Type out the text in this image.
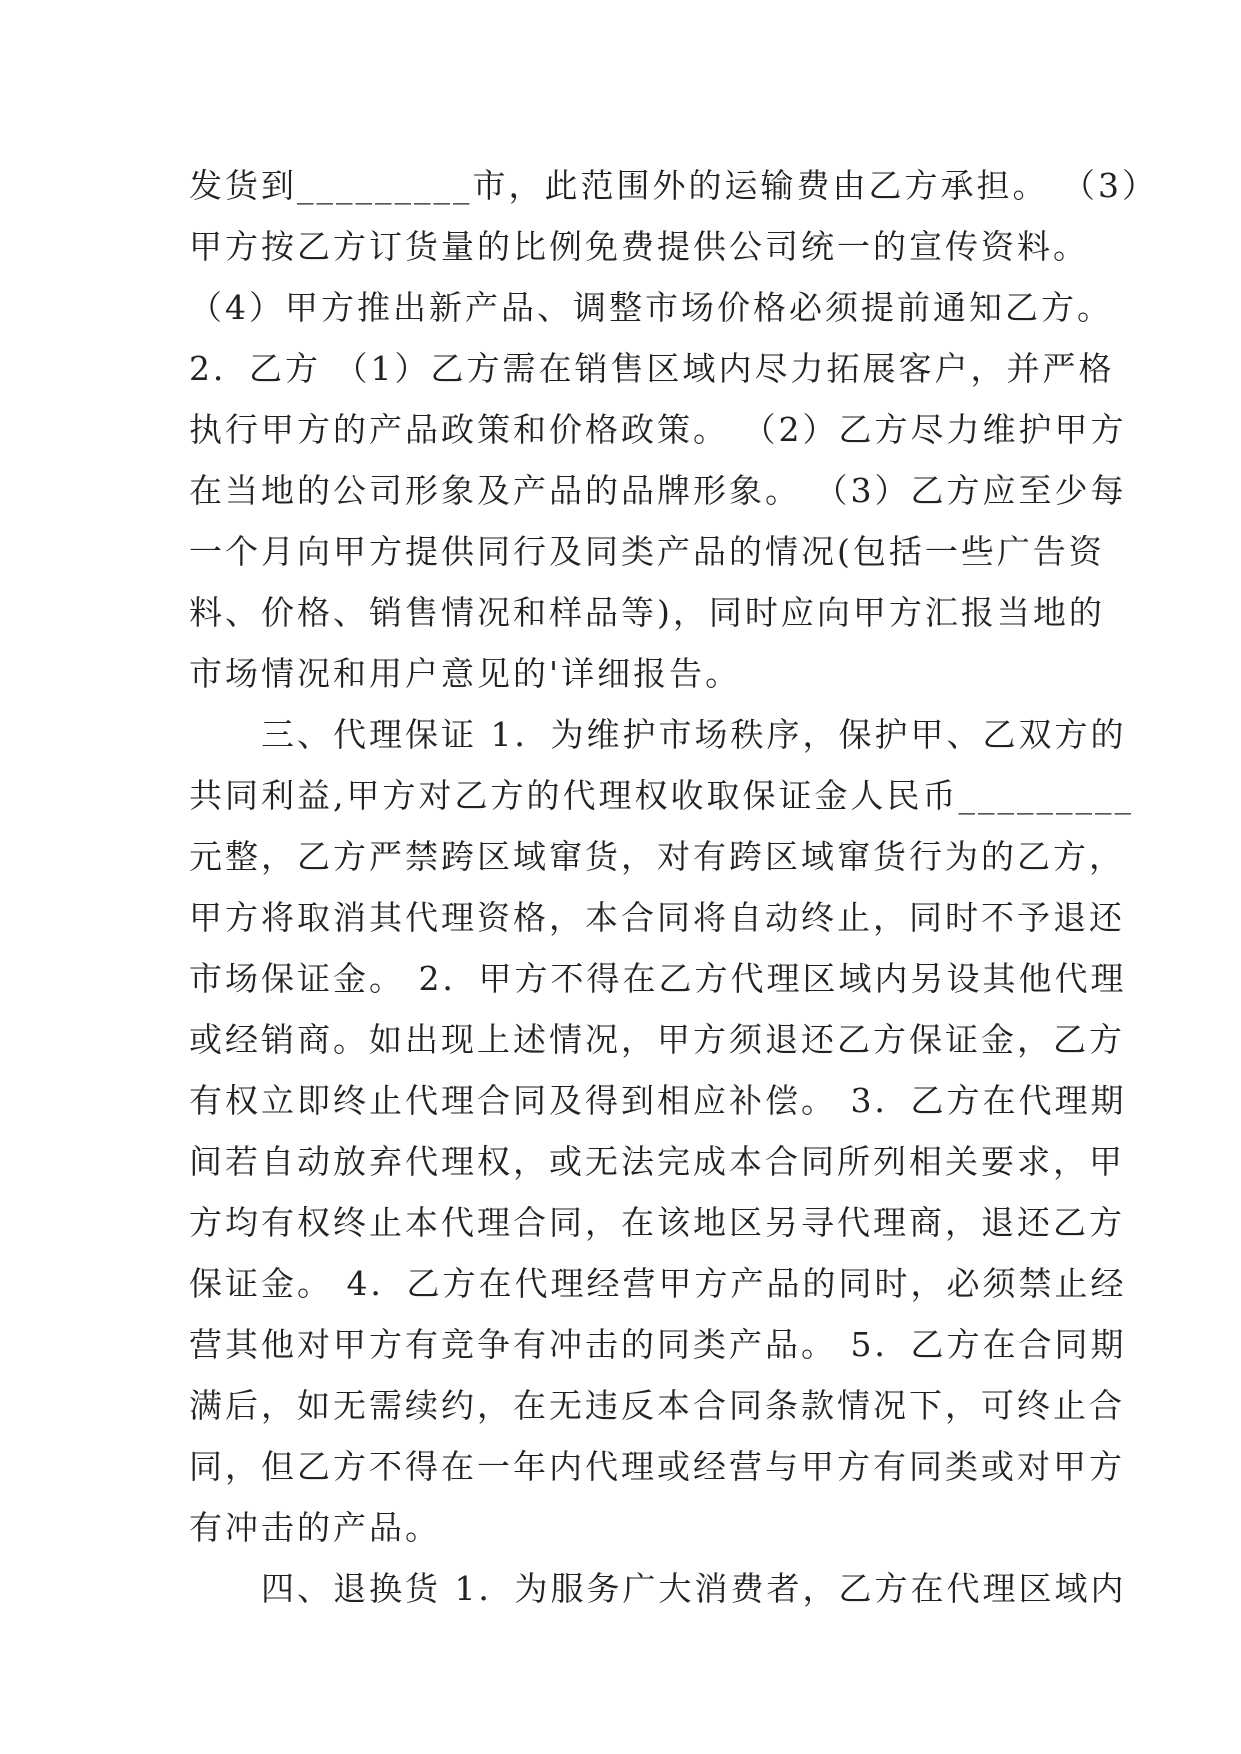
发货到_________市，此范围外的运输费由乙方承担。 （3）
甲方按乙方订货量的比例免费提供公司统一的宣传资料。
（4）甲方推出新产品、调整市场价格必须提前通知乙方。
2．乙方 （1）乙方需在销售区域内尽力拓展客户，并严格
执行甲方的产品政策和价格政策。 （2）乙方尽力维护甲方
在当地的公司形象及产品的品牌形象。 （3）乙方应至少每
一个月向甲方提供同行及同类产品的情况(包括一些广告资
料、价格、销售情况和样品等)，同时应向甲方汇报当地的
市场情况和用户意见的'详细报告。
　　三、代理保证 1．为维护市场秩序，保护甲、乙双方的
共同利益,甲方对乙方的代理权收取保证金人民币_________
元整，乙方严禁跨区域窜货，对有跨区域窜货行为的乙方，
甲方将取消其代理资格，本合同将自动终止，同时不予退还
市场保证金。 2．甲方不得在乙方代理区域内另设其他代理
或经销商。如出现上述情况，甲方须退还乙方保证金，乙方
有权立即终止代理合同及得到相应补偿。 3．乙方在代理期
间若自动放弃代理权，或无法完成本合同所列相关要求，甲
方均有权终止本代理合同，在该地区另寻代理商，退还乙方
保证金。 4．乙方在代理经营甲方产品的同时，必须禁止经
营其他对甲方有竞争有冲击的同类产品。 5．乙方在合同期
满后，如无需续约，在无违反本合同条款情况下，可终止合
同，但乙方不得在一年内代理或经营与甲方有同类或对甲方
有冲击的产品。
　　四、退换货 1．为服务广大消费者，乙方在代理区域内
